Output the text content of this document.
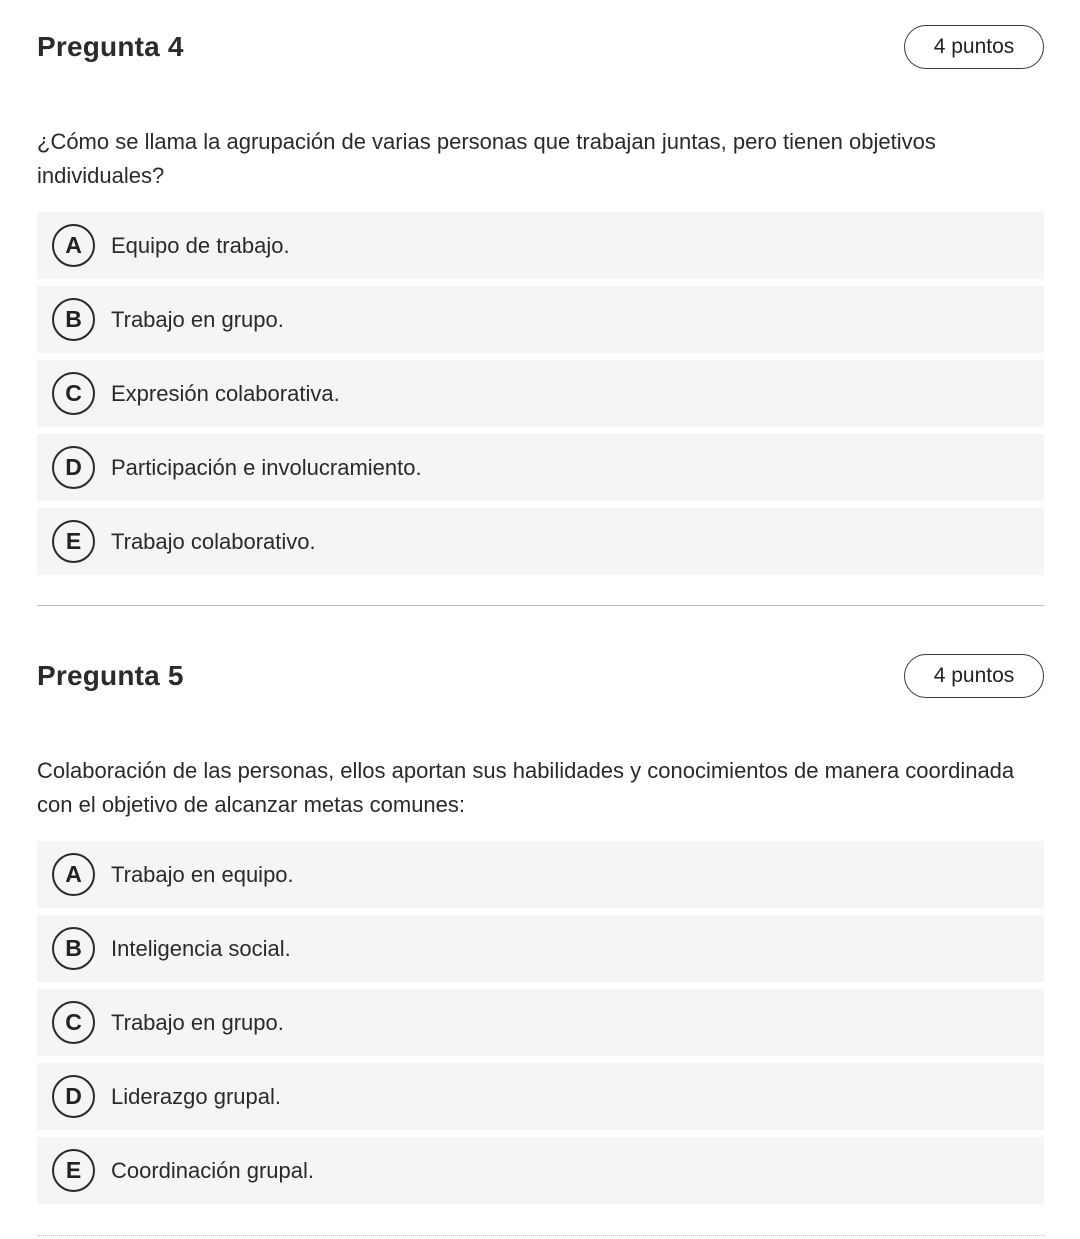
Pregunta 4	4 puntos
¿Cómo se llama la agrupación de varias personas que trabajan juntas, pero tienen objetivos individuales?
A	Equipo de trabajo.
B	Trabajo en grupo.
C	Expresión colaborativa.
D	Participación e involucramiento.
E	Trabajo colaborativo.
Pregunta 5	4 puntos
Colaboración de las personas, ellos aportan sus habilidades y conocimientos de manera coordinada con el objetivo de alcanzar metas comunes:
A	Trabajo en equipo.
B	Inteligencia social.
C	Trabajo en grupo.
D	Liderazgo grupal.
E	Coordinación grupal.
